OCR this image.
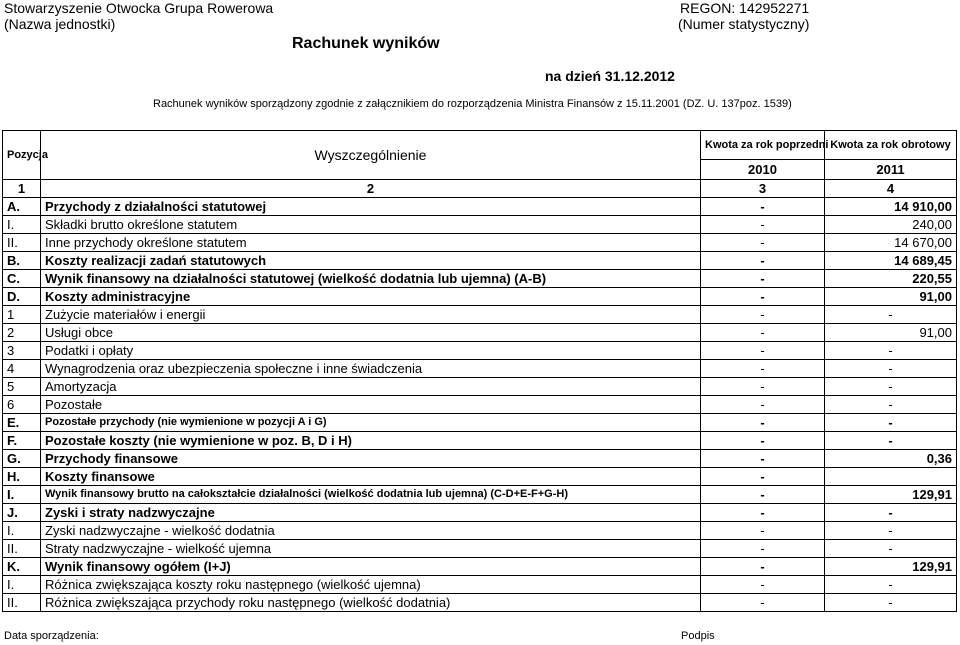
Stowarzyszenie Otwocka Grupa Rowerowa
(Nazwa jednostki)
REGON: 142952271
(Numer statystyczny)
Rachunek wyników
na dzień 31.12.2012
Rachunek wyników sporządzony zgodnie z załącznikiem do rozporządzenia Ministra Finansów z 15.11.2001 (DZ. U. 137poz. 1539)
Pozycja	Wyszczególnienie	Kwota za rok poprzedni	Kwota za rok obrotowy
		2010	2011
1	2	3	4
A.	Przychody z działalności statutowej	-	14 910,00
I.	Składki brutto określone statutem	-	240,00
II.	Inne przychody określone statutem	-	14 670,00
B.	Koszty realizacji zadań statutowych	-	14 689,45
C.	Wynik finansowy na działalności statutowej (wielkość dodatnia lub ujemna) (A-B)	-	220,55
D.	Koszty administracyjne	-	91,00
1	Zużycie materiałów i energii	-	-
2	Usługi obce	-	91,00
3	Podatki i opłaty	-	-
4	Wynagrodzenia oraz ubezpieczenia społeczne i inne świadczenia	-	-
5	Amortyzacja	-	-
6	Pozostałe	-	-
E.	Pozostałe przychody (nie wymienione w pozycji A i G)	-	-
F.	Pozostałe koszty (nie wymienione w poz. B, D i H)	-	-
G.	Przychody finansowe	-	0,36
H.	Koszty finansowe	-	
I.	Wynik finansowy brutto na całokształcie działalności (wielkość dodatnia lub ujemna) (C-D+E-F+G-H)	-	129,91
J.	Zyski i straty nadzwyczajne	-	-
I.	Zyski nadzwyczajne - wielkość dodatnia	-	-
II.	Straty nadzwyczajne - wielkość ujemna	-	-
K.	Wynik finansowy ogółem (I+J)	-	129,91
I.	Różnica zwiększająca koszty roku następnego (wielkość ujemna)	-	-
II.	Różnica zwiększająca przychody roku następnego (wielkość dodatnia)	-	-
Data sporządzenia:	Podpis
